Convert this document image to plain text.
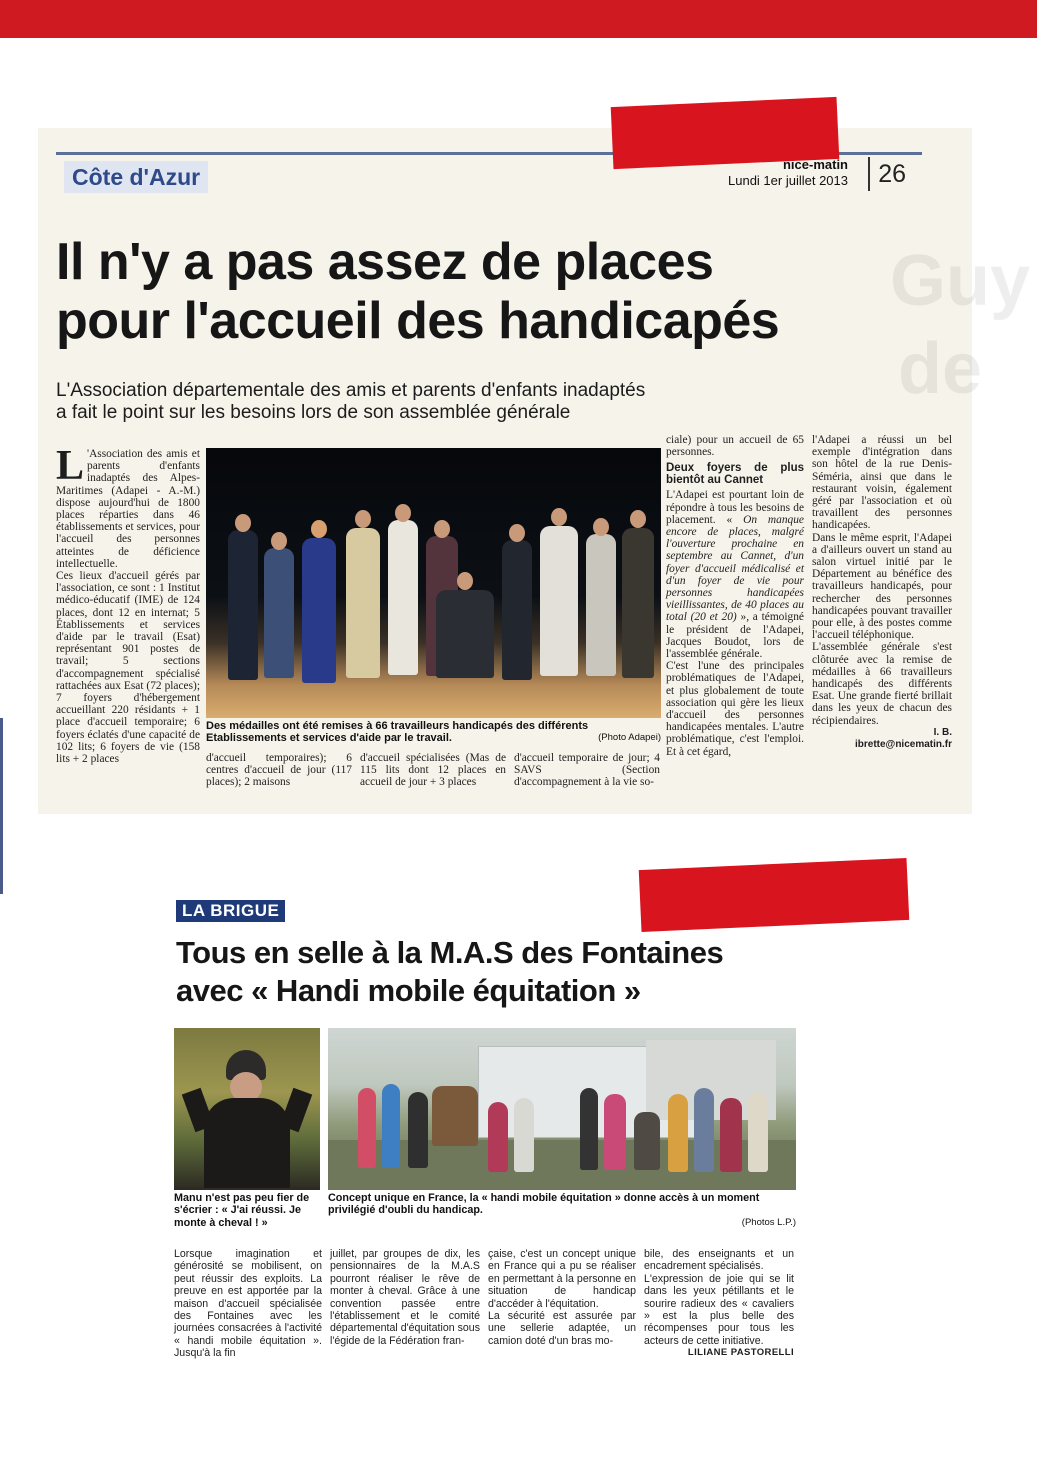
Guy
de
Côte d'Azur	nice-matin
Lundi 1er juillet 2013	26
Il n'y a pas assez de places
pour l'accueil des handicapés
L'Association départementale des amis et parents d'enfants inadaptés
a fait le point sur les besoins lors de son assemblée générale
L 'Association des amis et parents d'enfants inadaptés des Alpes-Maritimes (Adapei - A.-M.) dispose aujourd'hui de 1800 places réparties dans 46 établissements et services, pour l'accueil des personnes atteintes de déficience intellectuelle.

Ces lieux d'accueil gérés par l'association, ce sont : 1 Institut médico-éducatif (IME) de 124 places, dont 12 en internat; 5 Établissements et services d'aide par le travail (Esat) représentant 901 postes de travail; 5 sections d'accompagnement spécialisé rattachées aux Esat (72 places); 7 foyers d'hébergement accueillant 220 résidants + 1 place d'accueil temporaire; 6 foyers éclatés d'une capacité de 102 lits; 6 foyers de vie (158 lits + 2 places

Des médailles ont été remises à 66 travailleurs handicapés des différents Etablissements et services d'aide par le travail.	(Photo Adapei)

d'accueil temporaires); 6 centres d'accueil de jour (117 places); 2 maisons

d'accueil spécialisées (Mas de 115 lits dont 12 places en accueil de jour + 3 places

d'accueil temporaire de jour; 4 SAVS (Section d'accompagnement à la vie so-

ciale) pour un accueil de 65 personnes.

Deux foyers de plus bientôt au Cannet

L'Adapei est pourtant loin de répondre à tous les besoins de placement. « On manque encore de places, malgré l'ouverture prochaine en septembre au Cannet, d'un foyer d'accueil médicalisé et d'un foyer de vie pour personnes handicapées vieillissantes, de 40 places au total (20 et 20) », a témoigné le président de l'Adapei, Jacques Boudot, lors de l'assemblée générale.

C'est l'une des principales problématiques de l'Adapei, et plus globalement de toute association qui gère les lieux d'accueil des personnes handicapées mentales. L'autre problématique, c'est l'emploi. Et à cet égard,

l'Adapei a réussi un bel exemple d'intégration dans son hôtel de la rue Denis-Séméria, ainsi que dans le restaurant voisin, également géré par l'association et où travaillent des personnes handicapées.

Dans le même esprit, l'Adapei a d'ailleurs ouvert un stand au salon virtuel initié par le Département au bénéfice des travailleurs handicapés, pour rechercher des personnes handicapées pouvant travailler pour elle, à des postes comme l'accueil téléphonique.

L'assemblée générale s'est clôturée avec la remise de médailles à 66 travailleurs handicapés des différents Esat. Une grande fierté brillait dans les yeux de chacun des récipiendaires.

I. B.
ibrette@nicematin.fr
LA BRIGUE
Tous en selle à la M.A.S des Fontaines
avec « Handi mobile équitation »
Manu n'est pas peu fier de s'écrier : « J'ai réussi. Je monte à cheval ! »
Concept unique en France, la « handi mobile équitation » donne accès à un moment privilégié d'oubli du handicap.
(Photos L.P.)

Lorsque imagination et générosité se mobilisent, on peut réussir des exploits. La preuve en est apportée par la maison d'accueil spécialisée des Fontaines avec les journées consacrées à l'activité « handi mobile équitation ». Jusqu'à la fin

juillet, par groupes de dix, les pensionnaires de la M.A.S pourront réaliser le rêve de monter à cheval. Grâce à une convention passée entre l'établissement et le comité départemental d'équitation sous l'égide de la Fédération fran-

çaise, c'est un concept unique en France qui a pu se réaliser en permettant à la personne en situation de handicap d'accéder à l'équitation.

La sécurité est assurée par une sellerie adaptée, un camion doté d'un bras mo-

bile, des enseignants et un encadrement spécialisés.

L'expression de joie qui se lit dans les yeux pétillants et le sourire radieux des « cavaliers » est la plus belle des récompenses pour tous les acteurs de cette initiative.

LILIANE PASTORELLI
